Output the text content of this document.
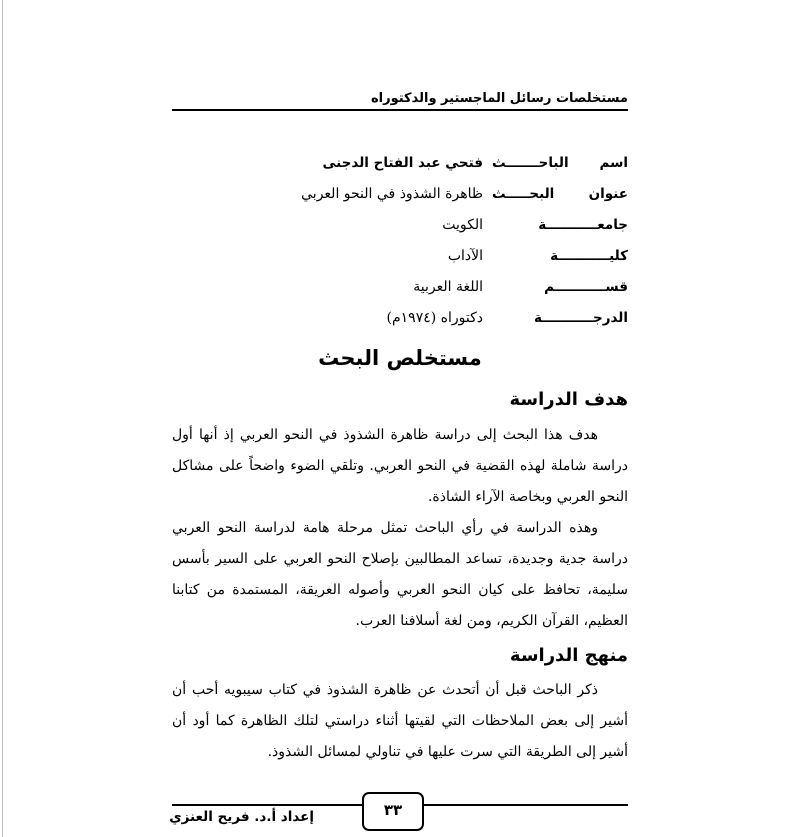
مستخلصات رسائل الماجستير والدكتوراه
اسم الباحـــــــث
فتحي عبد الفتاح الدجنى
عنوان البحـــــث
ظاهرة الشذوذ في النحو العربي
جامعـــــــــــة
الكويت
كليـــــــــــة
الآداب
قســـــــــــم
اللغة العربية
الدرجـــــــــــة
دكتوراه (١٩٧٤م)
مستخلص البحث
هدف الدراسة

هدف هذا البحث إلى دراسة ظاهرة الشذوذ في النحو العربي إذ أنها أول دراسة شاملة لهذه القضية في النحو العربي. وتلقي الضوء واضحاً على مشاكل النحو العربي وبخاصة الآراء الشاذة.

وهذه الدراسة في رأي الباحث تمثل مرحلة هامة لدراسة النحو العربي دراسة جدية وجديدة، تساعد المطالبين بإصلاح النحو العربي على السير بأسس سليمة، تحافظ على كيان النحو العربي وأصوله العريقة، المستمدة من كتابنا العظيم، القرآن الكريم، ومن لغة أسلافنا العرب.

منهج الدراسة

ذكر الباحث قبل أن أتحدث عن ظاهرة الشذوذ في كتاب سيبويه أحب أن أشير إلى بعض الملاحظات التي لقيتها أثناء دراستي لتلك الظاهرة كما أود أن أشير إلى الطريقة التي سرت عليها في تناولي لمسائل الشذوذ.

٣٣
إعداد أ.د. فريح العنزي
